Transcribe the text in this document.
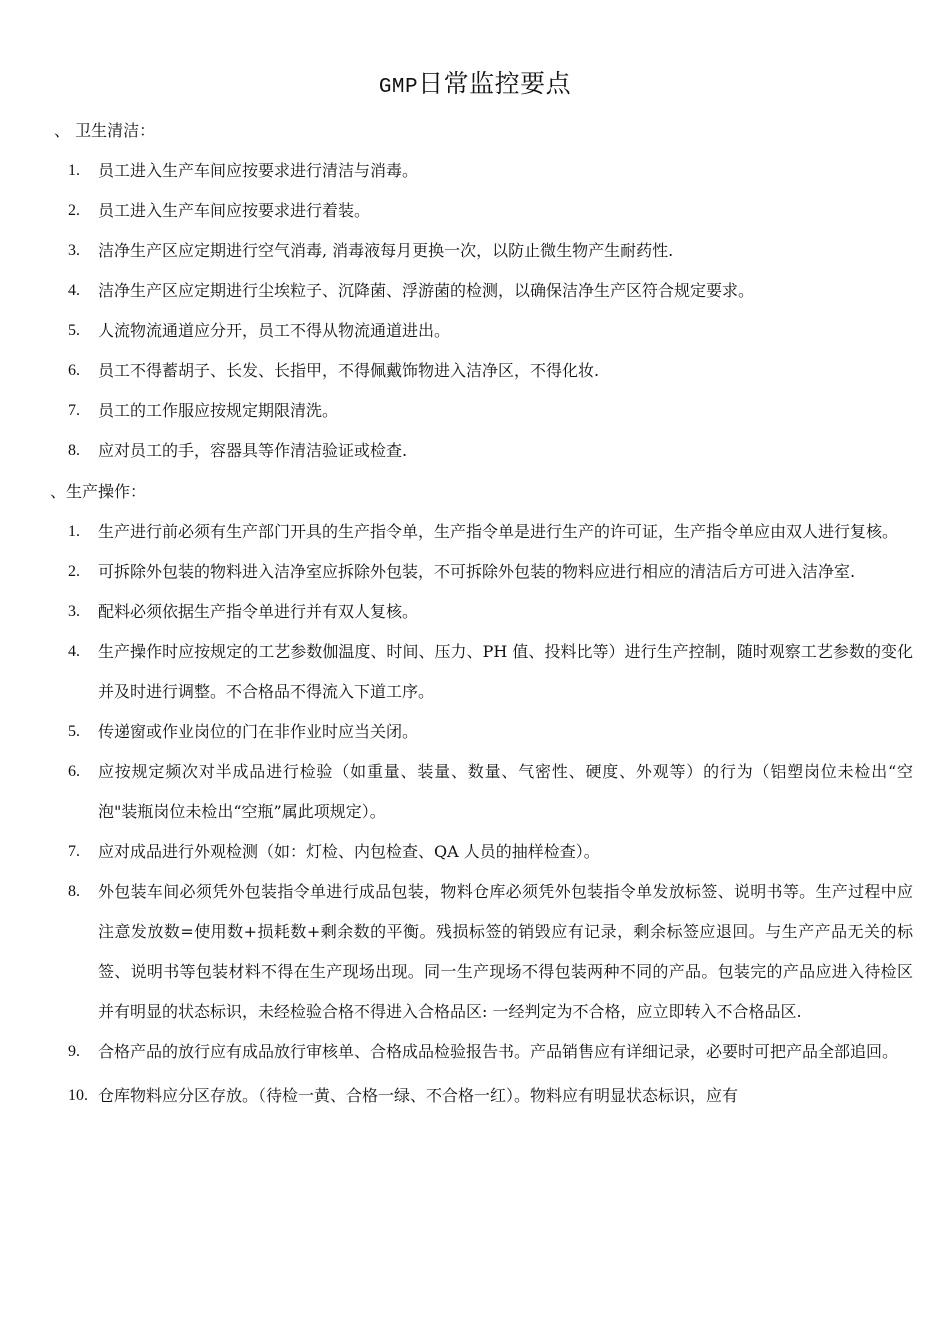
GMP日常监控要点
、 卫生清洁：
1.	员工进入生产车间应按要求进行清洁与消毒。
2.	员工进入生产车间应按要求进行着装。
3.	洁净生产区应定期进行空气消毒, 消毒液每月更换一次，以防止微生物产生耐药性.
4.	洁净生产区应定期进行尘埃粒子、沉降菌、浮游菌的检测，以确保洁净生产区符合规定要求。
5.	人流物流通道应分开，员工不得从物流通道进出。
6.	员工不得蓄胡子、长发、长指甲，不得佩戴饰物进入洁净区，不得化妆.
7.	员工的工作服应按规定期限清洗。
8.	应对员工的手，容器具等作清洁验证或检查.
、生产操作：
1.	生产进行前必须有生产部门开具的生产指令单，生产指令单是进行生产的许可证，生产指令单应由双人进行复核。
2.	可拆除外包装的物料进入洁净室应拆除外包装，不可拆除外包装的物料应进行相应的清洁后方可进入洁净室.
3.	配料必须依据生产指令单进行并有双人复核。
4.	生产操作时应按规定的工艺参数伽温度、时间、压力、PH 值、投料比等）进行生产控制，随时观察工艺参数的变化并及时进行调整。不合格品不得流入下道工序。
5.	传递窗或作业岗位的门在非作业时应当关闭。
6.	应按规定频次对半成品进行检验（如重量、装量、数量、气密性、硬度、外观等）的行为（铝塑岗位未检出“空泡"装瓶岗位未检出“空瓶”属此项规定）。
7.	应对成品进行外观检测（如：灯检、内包检查、QA 人员的抽样检查）。
8.	外包装车间必须凭外包装指令单进行成品包装，物料仓库必须凭外包装指令单发放标签、说明书等。生产过程中应注意发放数=使用数+损耗数+剩余数的平衡。残损标签的销毁应有记录，剩余标签应退回。与生产产品无关的标签、说明书等包装材料不得在生产现场出现。同一生产现场不得包装两种不同的产品。包装完的产品应进入待检区并有明显的状态标识，未经检验合格不得进入合格品区: 一经判定为不合格，应立即转入不合格品区.
9.	合格产品的放行应有成品放行审核单、合格成品检验报告书。产品销售应有详细记录，必要时可把产品全部追回。
10. 仓库物料应分区存放。（待检一黄、合格一绿、不合格一红）。物料应有明显状态标识，应有
